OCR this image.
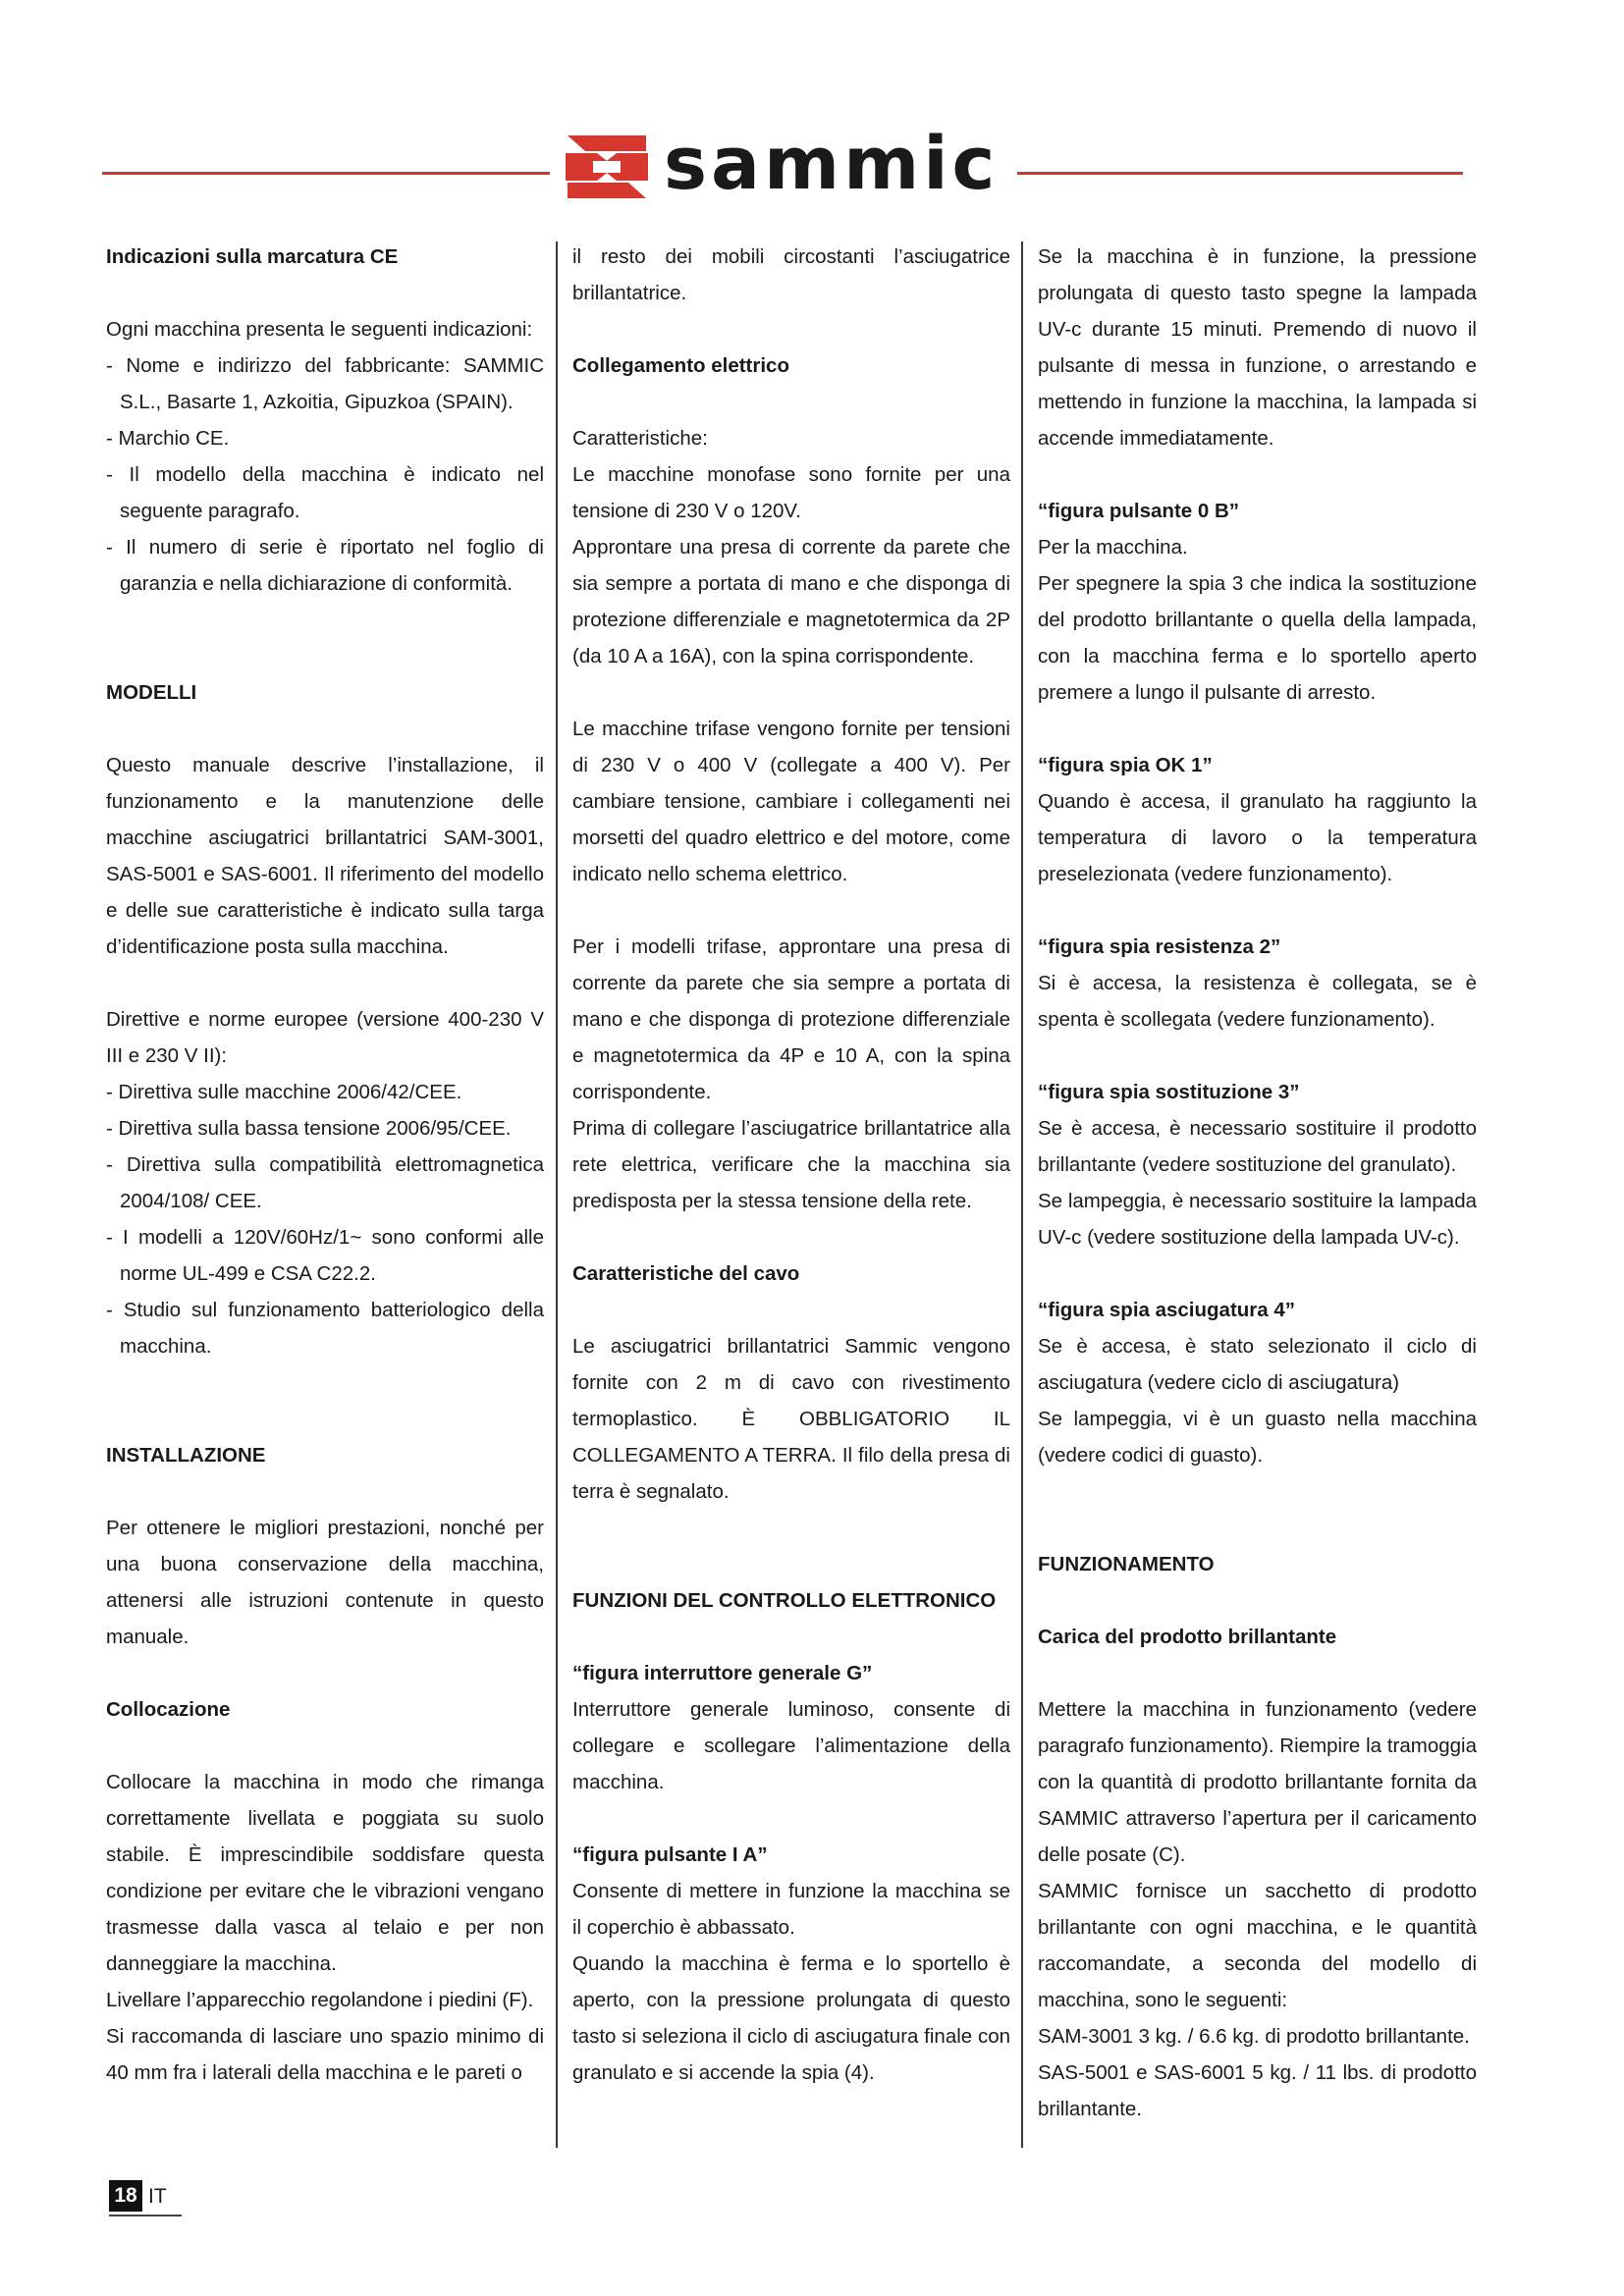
sammic

Indicazioni sulla marcatura CE

Ogni macchina presenta le seguenti indicazioni:

- Nome e indirizzo del fabbricante: SAMMIC S.L., Basarte 1, Azkoitia, Gipuzkoa (SPAIN).

- Marchio CE.

- Il modello della macchina è indicato nel seguente paragrafo.

- Il numero di serie è riportato nel foglio di garanzia e nella dichiarazione di conformità.

MODELLI

Questo manuale descrive l’installazione, il funzionamento e la manutenzione delle macchine asciugatrici brillantatrici SAM-3001, SAS-5001 e SAS-6001. Il riferimento del modello e delle sue caratteristiche è indicato sulla targa d’identificazione posta sulla macchina.

Direttive e norme europee (versione 400-230 V III e 230 V II):

- Direttiva sulle macchine 2006/42/CEE.

- Direttiva sulla bassa tensione 2006/95/CEE.

- Direttiva sulla compatibilità elettromagnetica 2004/108/ CEE.

- I modelli a 120V/60Hz/1~ sono conformi alle norme UL-499 e CSA C22.2.

- Studio sul funzionamento batteriologico della macchina.

INSTALLAZIONE

Per ottenere le migliori prestazioni, nonché per una buona conservazione della macchina, attenersi alle istruzioni contenute in questo manuale.

Collocazione

Collocare la macchina in modo che rimanga correttamente livellata e poggiata su suolo stabile. È imprescindibile soddisfare questa condizione per evitare che le vibrazioni vengano trasmesse dalla vasca al telaio e per non danneggiare la macchina.

Livellare l’apparecchio regolandone i piedini (F).

Si raccomanda di lasciare uno spazio minimo di 40 mm fra i laterali della macchina e le pareti o

il resto dei mobili circostanti l’asciugatrice brillantatrice.

Collegamento elettrico

Caratteristiche:

Le macchine monofase sono fornite per una tensione di 230 V o 120V.

Approntare una presa di corrente da parete che sia sempre a portata di mano e che disponga di protezione differenziale e magnetotermica da 2P (da 10 A a 16A), con la spina corrispondente.

Le macchine trifase vengono fornite per tensioni di 230 V o 400 V (collegate a 400 V). Per cambiare tensione, cambiare i collegamenti nei morsetti del quadro elettrico e del motore, come indicato nello schema elettrico.

Per i modelli trifase, approntare una presa di corrente da parete che sia sempre a portata di mano e che disponga di protezione differenziale e magnetotermica da 4P e 10 A, con la spina corrispondente.

Prima di collegare l’asciugatrice brillantatrice alla rete elettrica, verificare che la macchina sia predisposta per la stessa tensione della rete.

Caratteristiche del cavo

Le asciugatrici brillantatrici Sammic vengono fornite con 2 m di cavo con rivestimento termoplastico. È OBBLIGATORIO IL COLLEGAMENTO A TERRA. Il filo della presa di terra è segnalato.

FUNZIONI DEL CONTROLLO ELETTRONICO

“figura interruttore generale G”

Interruttore generale luminoso, consente di collegare e scollegare l’alimentazione della macchina.

“figura pulsante I A”

Consente di mettere in funzione la macchina se il coperchio è abbassato.

Quando la macchina è ferma e lo sportello è aperto, con la pressione prolungata di questo tasto si seleziona il ciclo di asciugatura finale con granulato e si accende la spia (4).

Se la macchina è in funzione, la pressione prolungata di questo tasto spegne la lampada UV-c durante 15 minuti. Premendo di nuovo il pulsante di messa in funzione, o arrestando e mettendo in funzione la macchina, la lampada si accende immediatamente.

“figura pulsante 0 B”

Per la macchina.

Per spegnere la spia 3 che indica la sostituzione del prodotto brillantante o quella della lampada, con la macchina ferma e lo sportello aperto premere a lungo il pulsante di arresto.

“figura spia OK 1”

Quando è accesa, il granulato ha raggiunto la temperatura di lavoro o la temperatura preselezionata (vedere funzionamento).

“figura spia resistenza 2”

Si è accesa, la resistenza è collegata, se è spenta è scollegata (vedere funzionamento).

“figura spia sostituzione 3”

Se è accesa, è necessario sostituire il prodotto brillantante (vedere sostituzione del granulato).

Se lampeggia, è necessario sostituire la lampada UV-c (vedere sostituzione della lampada UV-c).

“figura spia asciugatura 4”

Se è accesa, è stato selezionato il ciclo di asciugatura (vedere ciclo di asciugatura)

Se lampeggia, vi è un guasto nella macchina (vedere codici di guasto).

FUNZIONAMENTO

Carica del prodotto brillantante

Mettere la macchina in funzionamento (vedere paragrafo funzionamento). Riempire la tramoggia con la quantità di prodotto brillantante fornita da SAMMIC attraverso l’apertura per il caricamento delle posate (C).

SAMMIC fornisce un sacchetto di prodotto brillantante con ogni macchina, e le quantità raccomandate, a seconda del modello di macchina, sono le seguenti:

SAM-3001 3 kg. / 6.6 kg. di prodotto brillantante.

SAS-5001 e SAS-6001 5 kg. / 11 lbs. di prodotto brillantante.

18 IT
